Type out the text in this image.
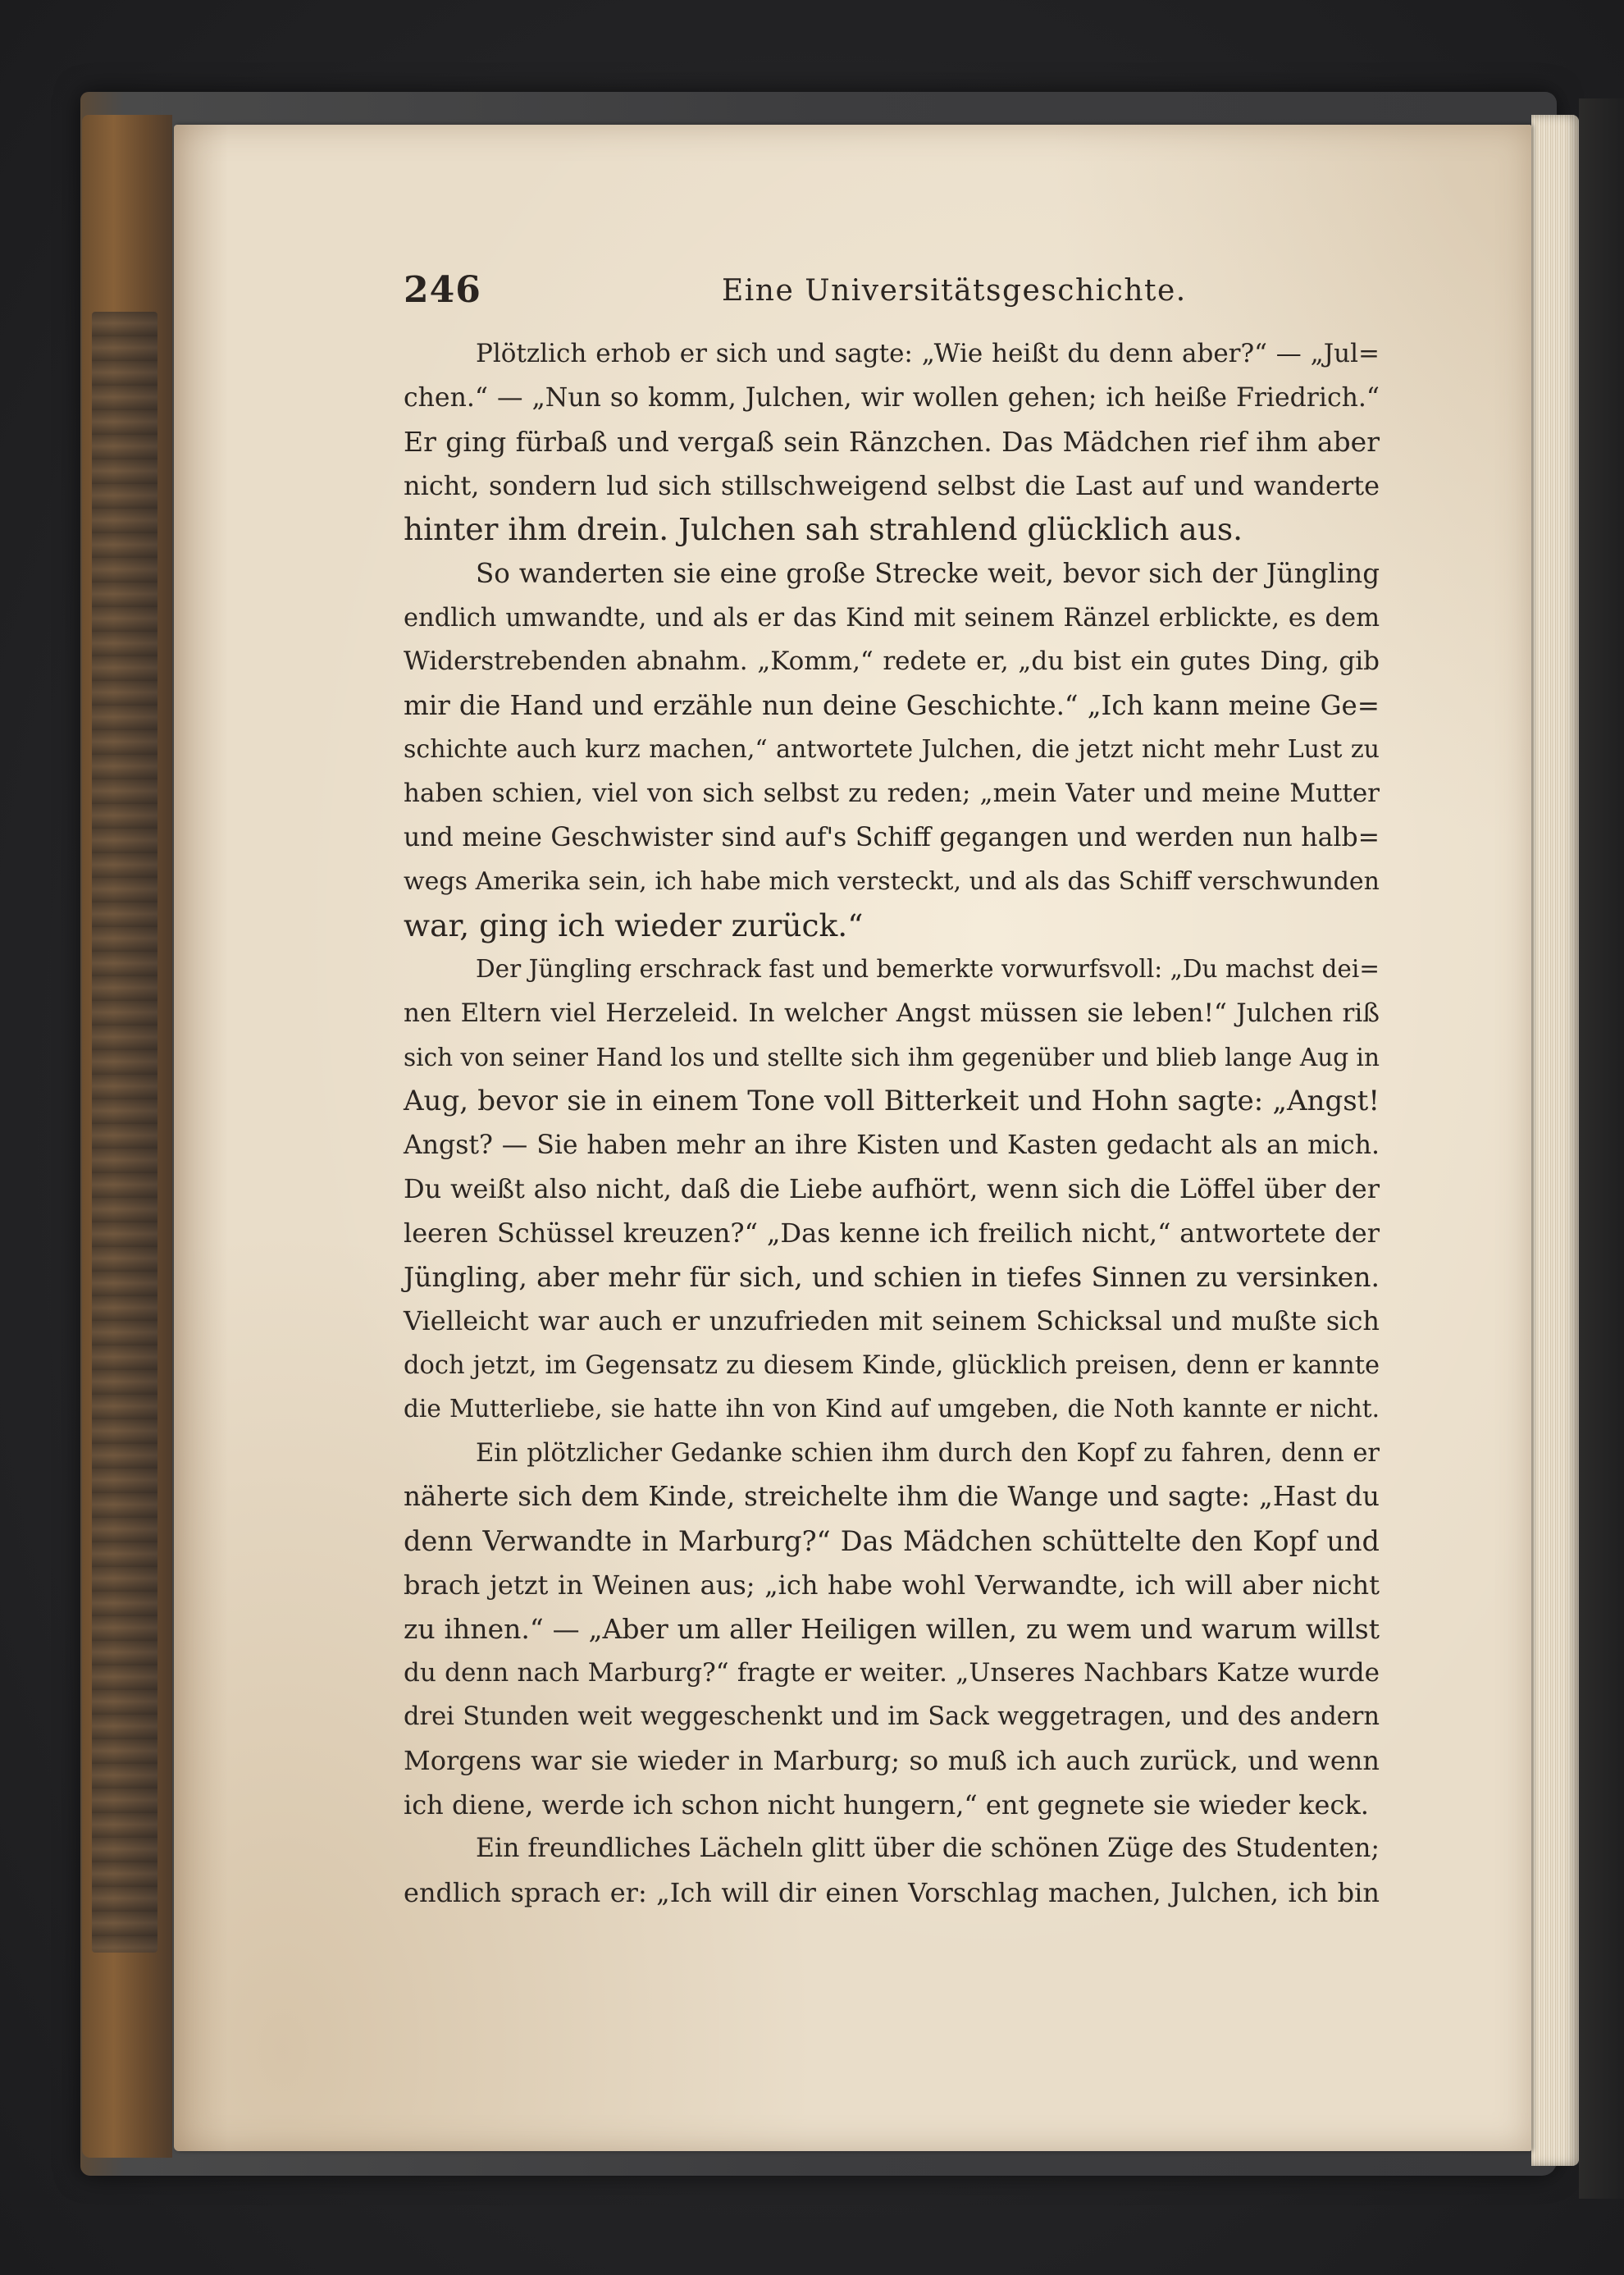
246	Eine Universitätsgeschichte.
Plötzlich erhob er sich und sagte: „Wie heißt du denn aber?“ — „Jul=
chen.“ — „Nun so komm, Julchen, wir wollen gehen; ich heiße Friedrich.“
Er ging fürbaß und vergaß sein Ränzchen. Das Mädchen rief ihm aber
nicht, sondern lud sich stillschweigend selbst die Last auf und wanderte
hinter ihm drein. Julchen sah strahlend glücklich aus.
So wanderten sie eine große Strecke weit, bevor sich der Jüngling
endlich umwandte, und als er das Kind mit seinem Ränzel erblickte, es dem
Widerstrebenden abnahm. „Komm,“ redete er, „du bist ein gutes Ding, gib
mir die Hand und erzähle nun deine Geschichte.“ „Ich kann meine Ge=
schichte auch kurz machen,“ antwortete Julchen, die jetzt nicht mehr Lust zu
haben schien, viel von sich selbst zu reden; „mein Vater und meine Mutter
und meine Geschwister sind auf's Schiff gegangen und werden nun halb=
wegs Amerika sein, ich habe mich versteckt, und als das Schiff verschwunden
war, ging ich wieder zurück.“
Der Jüngling erschrack fast und bemerkte vorwurfsvoll: „Du machst dei=
nen Eltern viel Herzeleid. In welcher Angst müssen sie leben!“ Julchen riß
sich von seiner Hand los und stellte sich ihm gegenüber und blieb lange Aug in
Aug, bevor sie in einem Tone voll Bitterkeit und Hohn sagte: „Angst!
Angst? — Sie haben mehr an ihre Kisten und Kasten gedacht als an mich.
Du weißt also nicht, daß die Liebe aufhört, wenn sich die Löffel über der
leeren Schüssel kreuzen?“ „Das kenne ich freilich nicht,“ antwortete der
Jüngling, aber mehr für sich, und schien in tiefes Sinnen zu versinken.
Vielleicht war auch er unzufrieden mit seinem Schicksal und mußte sich
doch jetzt, im Gegensatz zu diesem Kinde, glücklich preisen, denn er kannte
die Mutterliebe, sie hatte ihn von Kind auf umgeben, die Noth kannte er nicht.
Ein plötzlicher Gedanke schien ihm durch den Kopf zu fahren, denn er
näherte sich dem Kinde, streichelte ihm die Wange und sagte: „Hast du
denn Verwandte in Marburg?“ Das Mädchen schüttelte den Kopf und
brach jetzt in Weinen aus; „ich habe wohl Verwandte, ich will aber nicht
zu ihnen.“ — „Aber um aller Heiligen willen, zu wem und warum willst
du denn nach Marburg?“ fragte er weiter. „Unseres Nachbars Katze wurde
drei Stunden weit weggeschenkt und im Sack weggetragen, und des andern
Morgens war sie wieder in Marburg; so muß ich auch zurück, und wenn
ich diene, werde ich schon nicht hungern,“ ent gegnete sie wieder keck.
Ein freundliches Lächeln glitt über die schönen Züge des Studenten;
endlich sprach er: „Ich will dir einen Vorschlag machen, Julchen, ich bin
